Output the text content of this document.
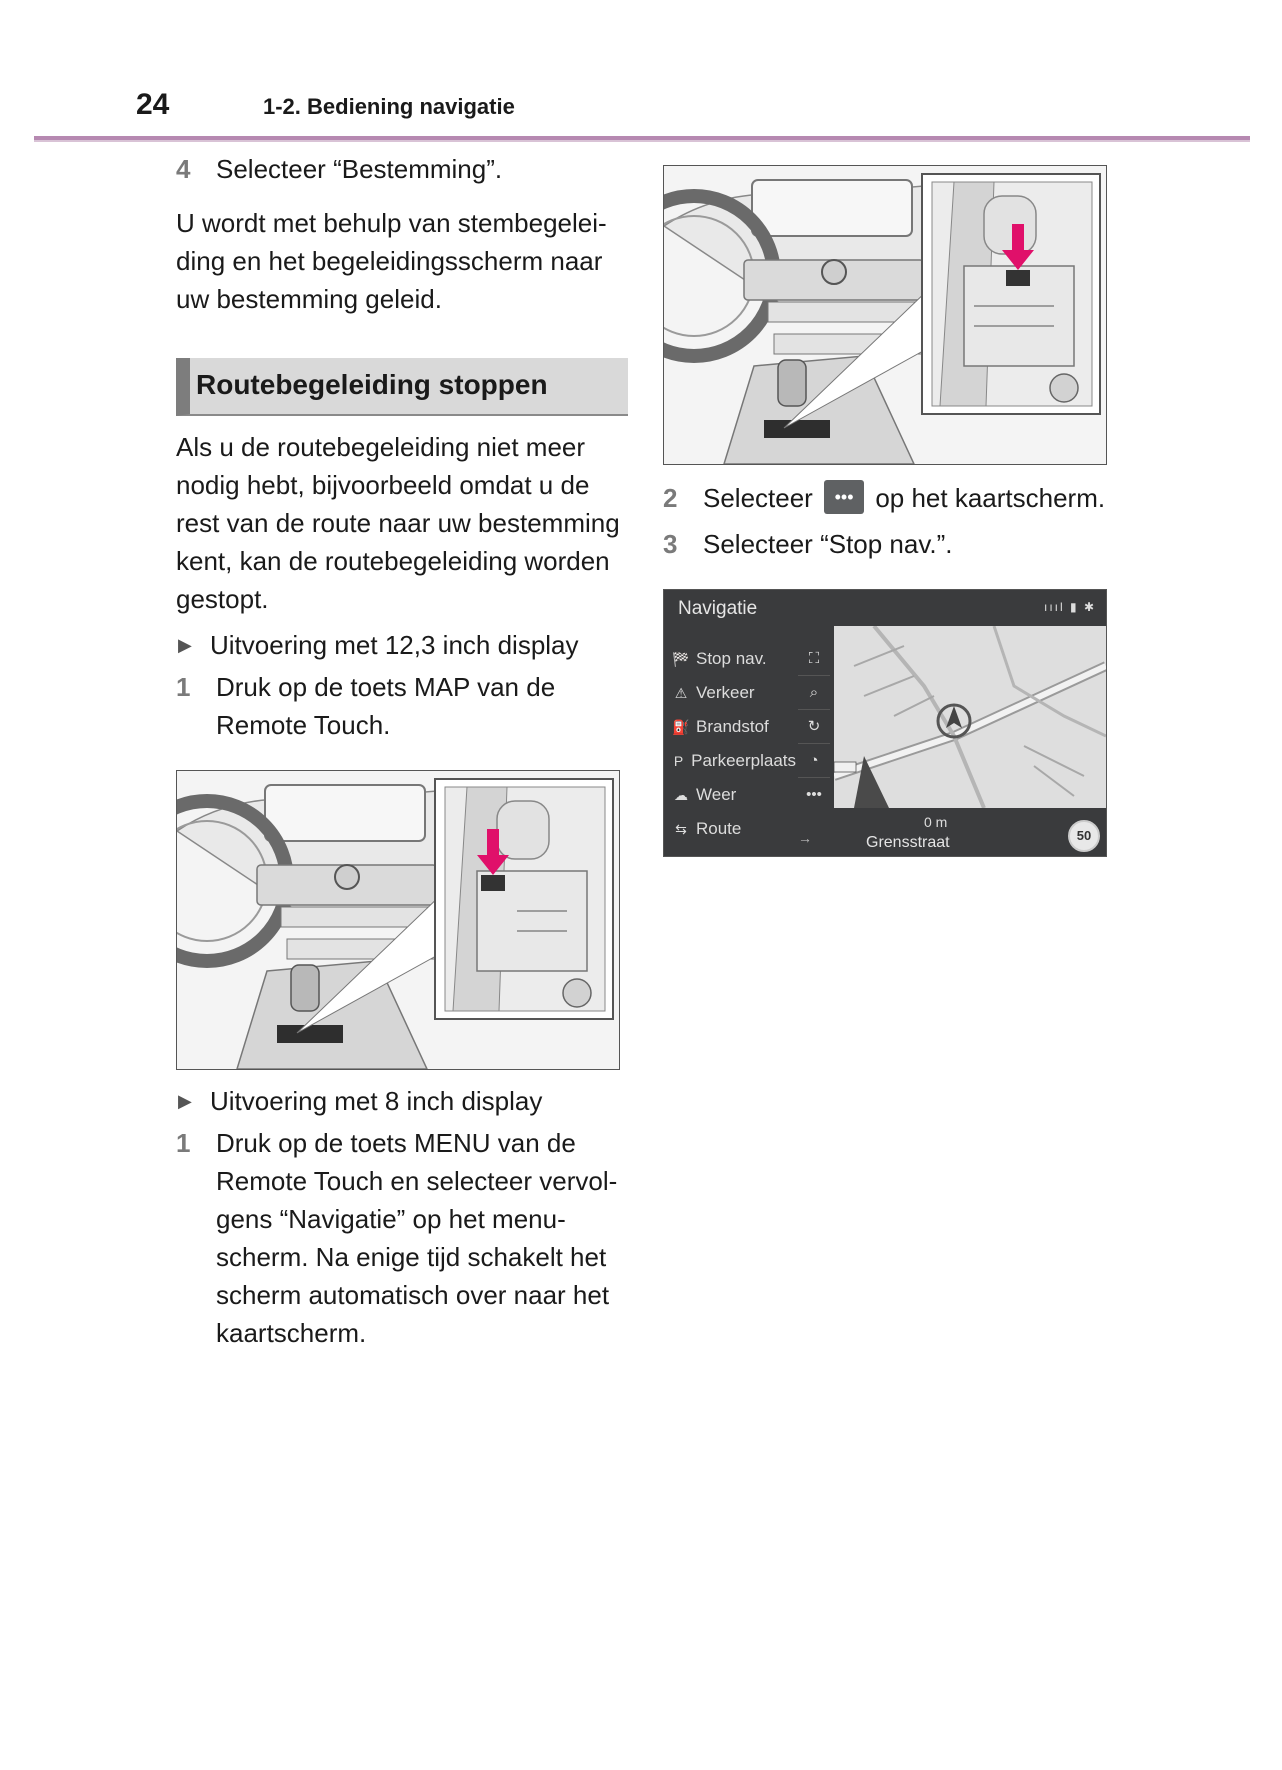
24	1-2. Bediening navigatie
4 Selecteer “Bestemming”.

U wordt met behulp van stembegelei-ding en het begeleidingsscherm naar uw bestemming geleid.

Routebegeleiding stoppen

Als u de routebegeleiding niet meer nodig hebt, bijvoorbeeld omdat u de rest van de route naar uw bestemming kent, kan de routebegeleiding worden gestopt.

▶ Uitvoering met 12,3 inch display
1 Druk op de toets MAP van de Remote Touch.
▶ Uitvoering met 8 inch display
1 Druk op de toets MENU van de Remote Touch en selecteer vervol-gens “Navigatie” op het menu-scherm. Na enige tijd schakelt het scherm automatisch over naar het kaartscherm.
2 Selecteer ••• op het kaartscherm.
3 Selecteer “Stop nav.”.
Navigatie	ıııl ▮ ✱
🏁 Stop nav.
⚠ Verkeer
⛽ Brandstof
P Parkeerplaats
☁ Weer
⇆ Route
⛶
⌕
↻
◔
•••
→
0 m
Grensstraat	50
